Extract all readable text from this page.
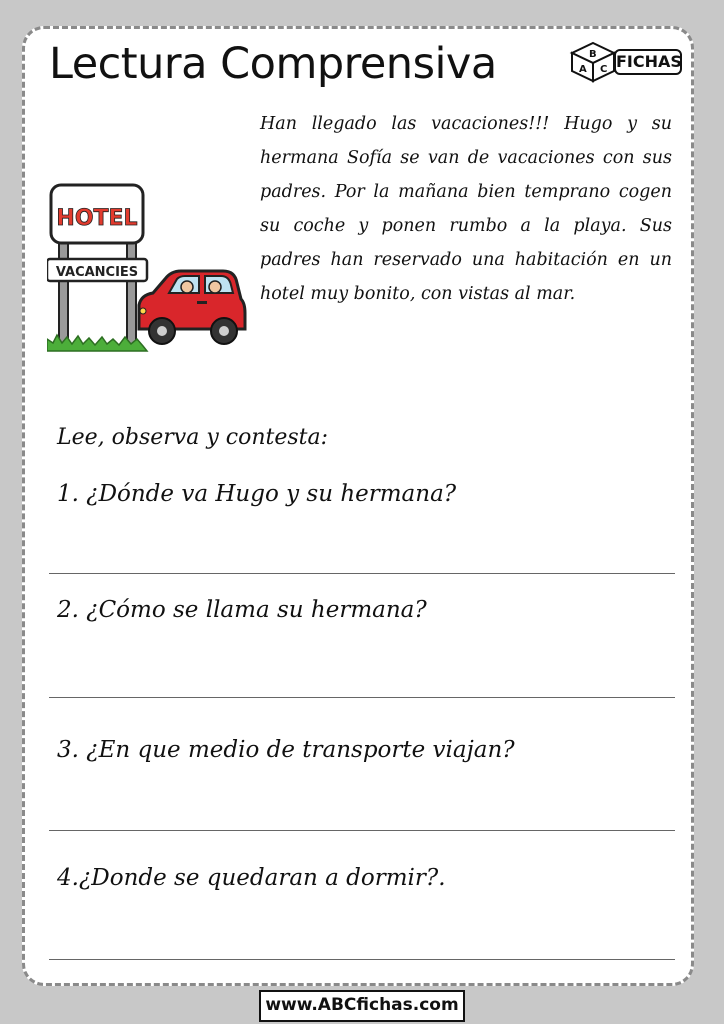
Lectura Comprensiva	A
B
C FICHAS
HOTEL
VACANCIES
Han llegado las vacaciones!!! Hugo y su hermana Sofía se van de vacaciones con sus padres. Por la mañana bien temprano cogen su coche y ponen rumbo a la playa. Sus padres han reservado una habitación en un hotel muy bonito, con vistas al mar.
Lee, observa y contesta:
1. ¿Dónde va Hugo y su hermana?
2. ¿Cómo se llama su hermana?
3. ¿En que medio de transporte viajan?
4.¿Donde se quedaran a dormir?.
www.ABCfichas.com
